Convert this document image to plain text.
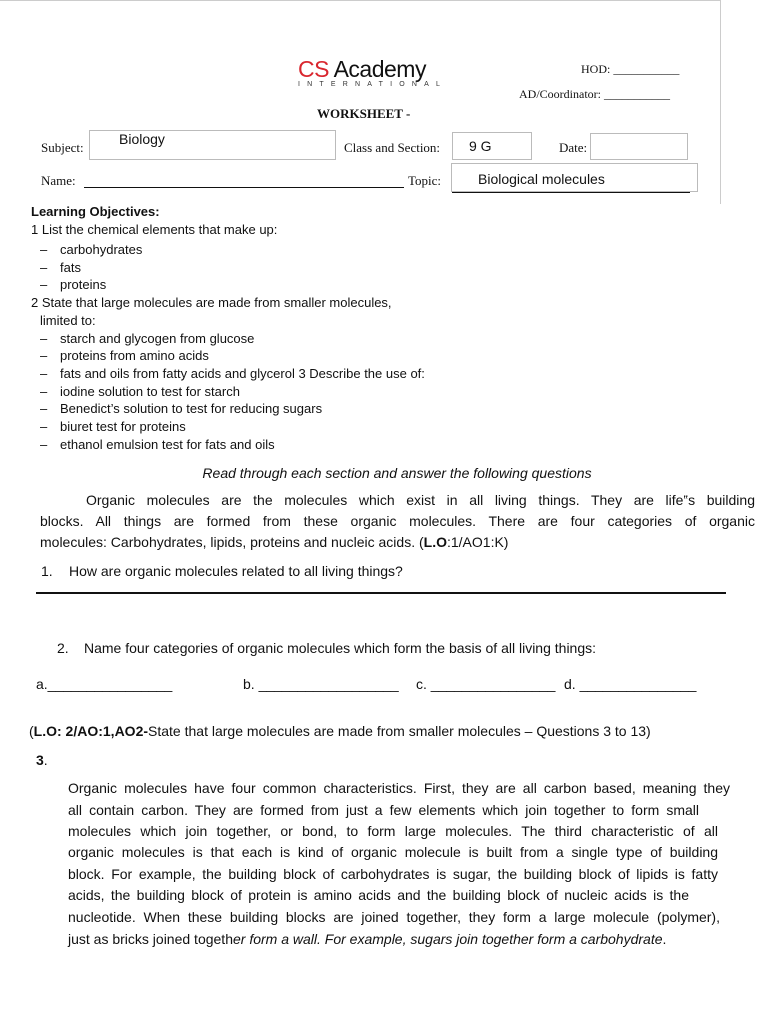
CS Academy
INTERNATIONAL
HOD: ___________
AD/Coordinator: ___________
WORKSHEET -
Subject:
Biology
Class and Section: 9 G	Date:
Name:	Topic:	Biological molecules
Learning Objectives:
1 List the chemical elements that make up:
– carbohydrates
– fats
– proteins
2 State that large molecules are made from smaller molecules,
limited to:
– starch and glycogen from glucose
– proteins from amino acids
– fats and oils from fatty acids and glycerol 3 Describe the use of:
– iodine solution to test for starch
– Benedict’s solution to test for reducing sugars
– biuret test for proteins
– ethanol emulsion test for fats and oils
Read through each section and answer the following questions
Organic molecules are the molecules which exist in all living things. They are life‟s building
blocks. All things are formed from these organic molecules. There are four categories of organic
molecules: Carbohydrates, lipids, proteins and nucleic acids. (L.O:1/AO1:K)
1. How are organic molecules related to all living things?
2. Name four categories of organic molecules which form the basis of all living things:
a.________________	b. __________________ c. ________________ d. _______________
(L.O: 2/AO:1,AO2-State that large molecules are made from smaller molecules – Questions 3 to 13)
3.
Organic molecules have four common characteristics. First, they are all carbon based, meaning they
all contain carbon. They are formed from just a few elements which join together to form small
molecules which join together, or bond, to form large molecules. The third characteristic of all
organic molecules is that each is kind of organic molecule is built from a single type of building
block. For example, the building block of carbohydrates is sugar, the building block of lipids is fatty
acids, the building block of protein is amino acids and the building block of nucleic acids is the
nucleotide. When these building blocks are joined together, they form a large molecule (polymer),
just as bricks joined together form a wall. For example, sugars join together form a carbohydrate.
